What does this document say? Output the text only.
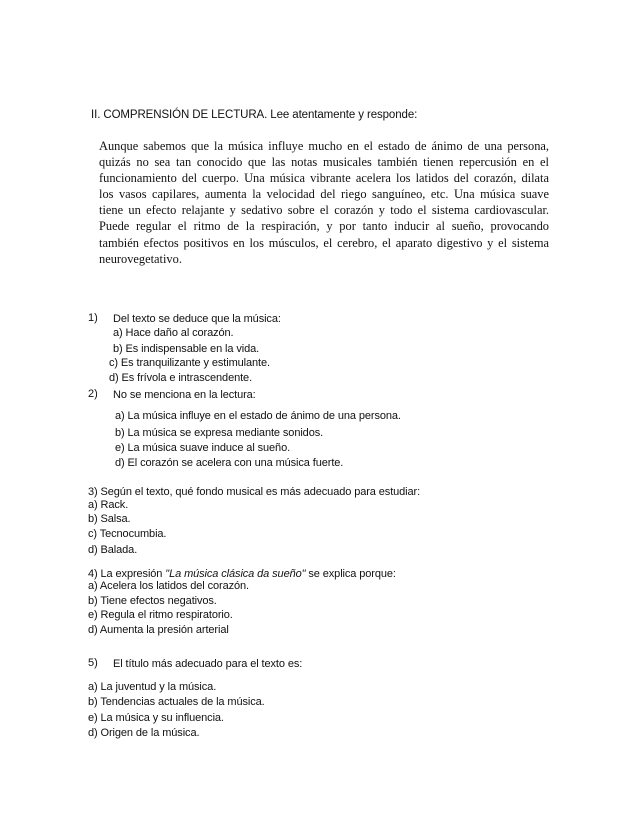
II. COMPRENSIÓN DE LECTURA. Lee atentamente y responde:
Aunque sabemos que la música influye mucho en el estado de ánimo de una persona, quizás no sea tan conocido que las notas musicales también tienen repercusión en el funcionamiento del cuerpo. Una música vibrante acelera los latidos del corazón, dilata los vasos capilares, aumenta la velocidad del riego sanguíneo, etc. Una música suave tiene un efecto relajante y sedativo sobre el corazón y todo el sistema cardiovascular. Puede regular el ritmo de la respiración, y por tanto inducir al sueño, provocando también efectos positivos en los músculos, el cerebro, el aparato digestivo y el sistema neurovegetativo.
1) Del texto se deduce que la música:
a) Hace daño al corazón.
b) Es indispensable en la vida.
c) Es tranquilizante y estimulante.
d) Es frívola e intrascendente.
2) No se menciona en la lectura:
a) La música influye en el estado de ánimo de una persona.
b) La música se expresa mediante sonidos.
e) La música suave induce al sueño.
d) El corazón se acelera con una música fuerte.
3) Según el texto, qué fondo musical es más adecuado para estudiar:
a) Rack.
b) Salsa.
c) Tecnocumbia.
d) Balada.
4) La expresión "La música clásica da sueño" se explica porque:
a) Acelera los latidos del corazón.
b) Tiene efectos negativos.
e) Regula el ritmo respiratorio.
d) Aumenta la presión arterial
5) El título más adecuado para el texto es:
a) La juventud y la música.
b) Tendencias actuales de la música.
e) La música y su influencia.
d) Origen de la música.
